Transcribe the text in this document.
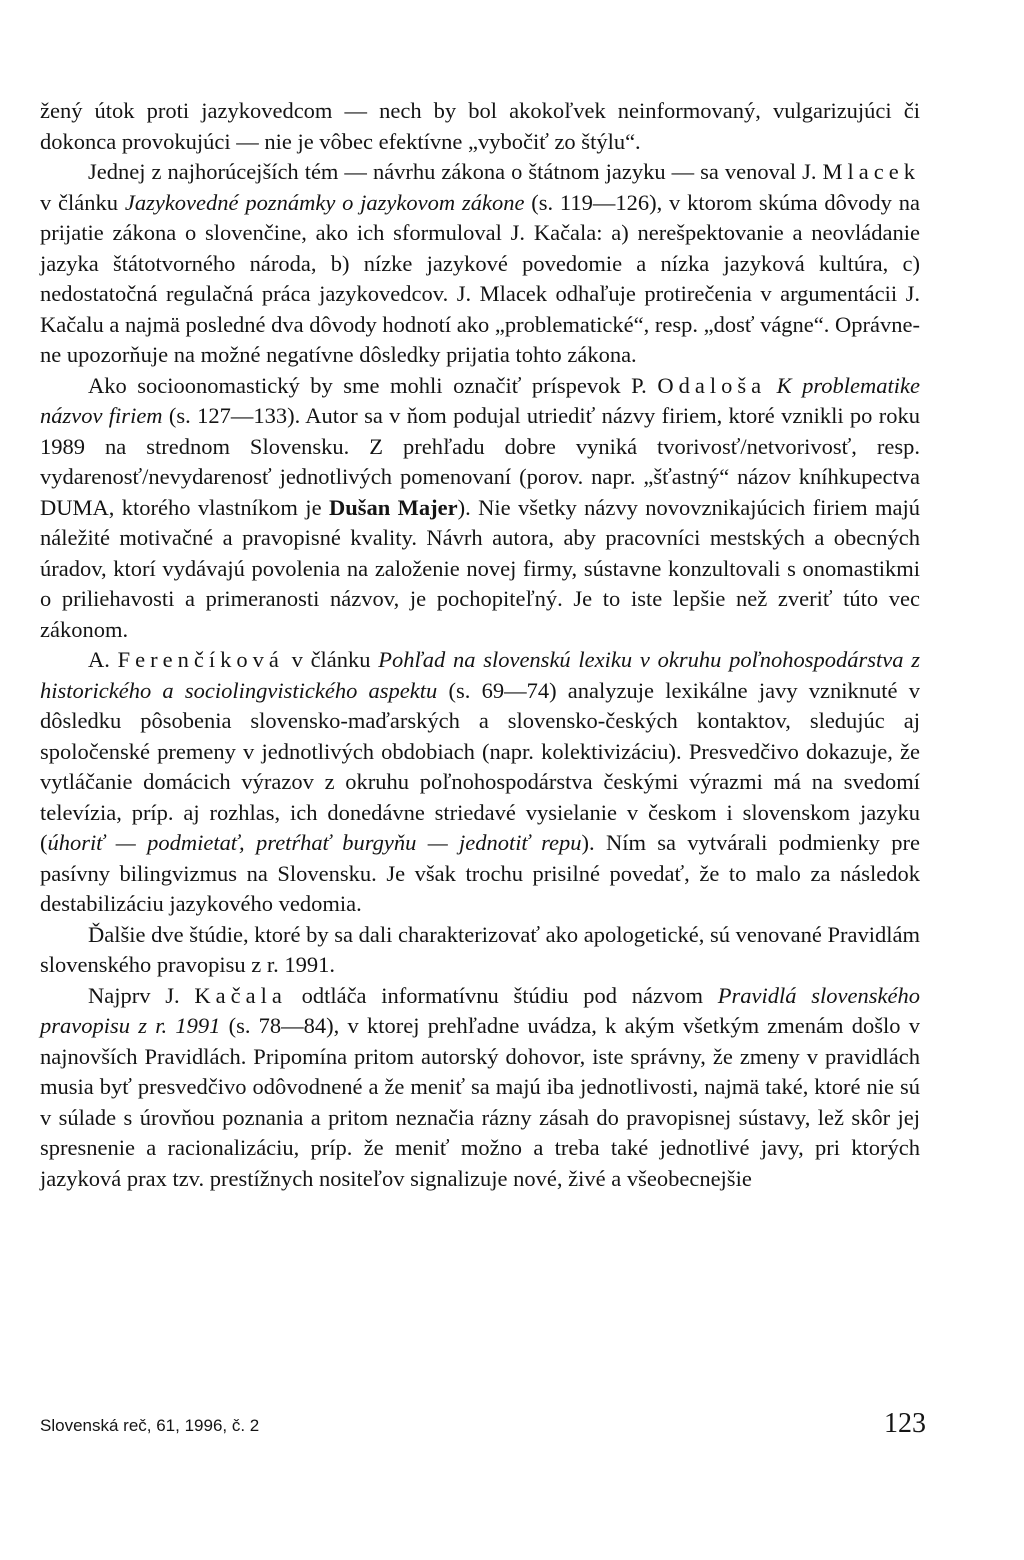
žený útok proti jazykovedcom — nech by bol akokoľvek neinformovaný, vulgarizujúci či dokonca provokujúci — nie je vôbec efektívne „vybočiť zo štýlu“.

Jednej z najhorúcejších tém — návrhu zákona o štátnom jazyku — sa venoval J. Mlacek v článku Jazykovedné poznámky o jazykovom zákone (s. 119—126), v ktorom skúma dôvody na prijatie zákona o slovenčine, ako ich sformuloval J. Kačala: a) nerešpektovanie a neovládanie jazyka štátotvorného národa, b) nízke jazykové povedomie a nízka jazyková kultúra, c) nedostatočná regulačná práca jazykovedcov. J. Mlacek odhaľuje protirečenia v argumentácii J. Kačalu a najmä posledné dva dôvody hodnotí ako „problematické“, resp. „dosť vágne“. Oprávnene upozorňuje na možné negatívne dôsledky prijatia tohto zákona.

Ako socioonomastický by sme mohli označiť príspevok P. Odaloša K problematike názvov firiem (s. 127—133). Autor sa v ňom podujal utriediť názvy firiem, ktoré vznikli po roku 1989 na strednom Slovensku. Z prehľadu dobre vyniká tvorivosť/netvorivosť, resp. vydarenosť/nevydarenosť jednotlivých pomenovaní (porov. napr. „šťastný“ názov kníhkupectva DUMA, ktorého vlastníkom je Dušan Majer). Nie všetky názvy novovznikajúcich firiem majú náležité motivačné a pravopisné kvality. Návrh autora, aby pracovníci mestských a obecných úradov, ktorí vydávajú povolenia na založenie novej firmy, sústavne konzultovali s onomastikmi o priliehavosti a primeranosti názvov, je pochopiteľný. Je to iste lepšie než zveriť túto vec zákonom.

A. Ferenčíková v článku Pohľad na slovenskú lexiku v okruhu poľnohospodárstva z historického a sociolingvistického aspektu (s. 69—74) analyzuje lexikálne javy vzniknuté v dôsledku pôsobenia slovensko-maďarských a slovensko-českých kontaktov, sledujúc aj spoločenské premeny v jednotlivých obdobiach (napr. kolektivizáciu). Presvedčivo dokazuje, že vytláčanie domácich výrazov z okruhu poľnohospodárstva českými výrazmi má na svedomí televízia, príp. aj rozhlas, ich donedávne striedavé vysielanie v českom i slovenskom jazyku (úhoriť — podmietať, pretŕhať burgyňu — jednotiť repu). Ním sa vytvárali podmienky pre pasívny bilingvizmus na Slovensku. Je však trochu prisilné povedať, že to malo za následok destabilizáciu jazykového vedomia.

Ďalšie dve štúdie, ktoré by sa dali charakterizovať ako apologetické, sú venované Pravidlám slovenského pravopisu z r. 1991.

Najprv J. Kačala odtláča informatívnu štúdiu pod názvom Pravidlá slovenského pravopisu z r. 1991 (s. 78—84), v ktorej prehľadne uvádza, k akým všetkým zmenám došlo v najnovších Pravidlách. Pripomína pritom autorský dohovor, iste správny, že zmeny v pravidlách musia byť presvedčivo odôvodnené a že meniť sa majú iba jednotlivosti, najmä také, ktoré nie sú v súlade s úrovňou poznania a pritom neznačia rázny zásah do pravopisnej sústavy, lež skôr jej spresnenie a racionalizáciu, príp. že meniť možno a treba také jednotlivé javy, pri ktorých jazyková prax tzv. prestížnych nositeľov signalizuje nové, živé a všeobecnejšie

Slovenská reč, 61, 1996, č. 2	123
